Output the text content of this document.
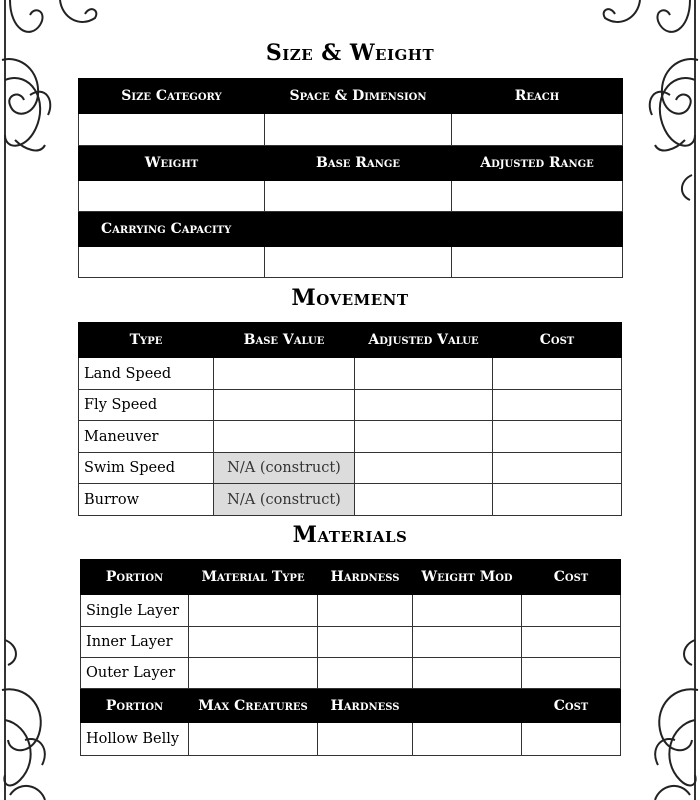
Size & Weight
Size Category	Space & Dimension	Reach

Weight	Base Range	Adjusted Range

Carrying Capacity		

Movement
Type	Base Value	Adjusted Value	Cost
Land Speed			
Fly Speed			
Maneuver			
Swim Speed	N/A (construct)		
Burrow	N/A (construct)		
Materials
Portion	Material Type	Hardness	Weight Mod	Cost
Single Layer				
Inner Layer				
Outer Layer				
Portion	Max Creatures	Hardness		Cost
Hollow Belly				
